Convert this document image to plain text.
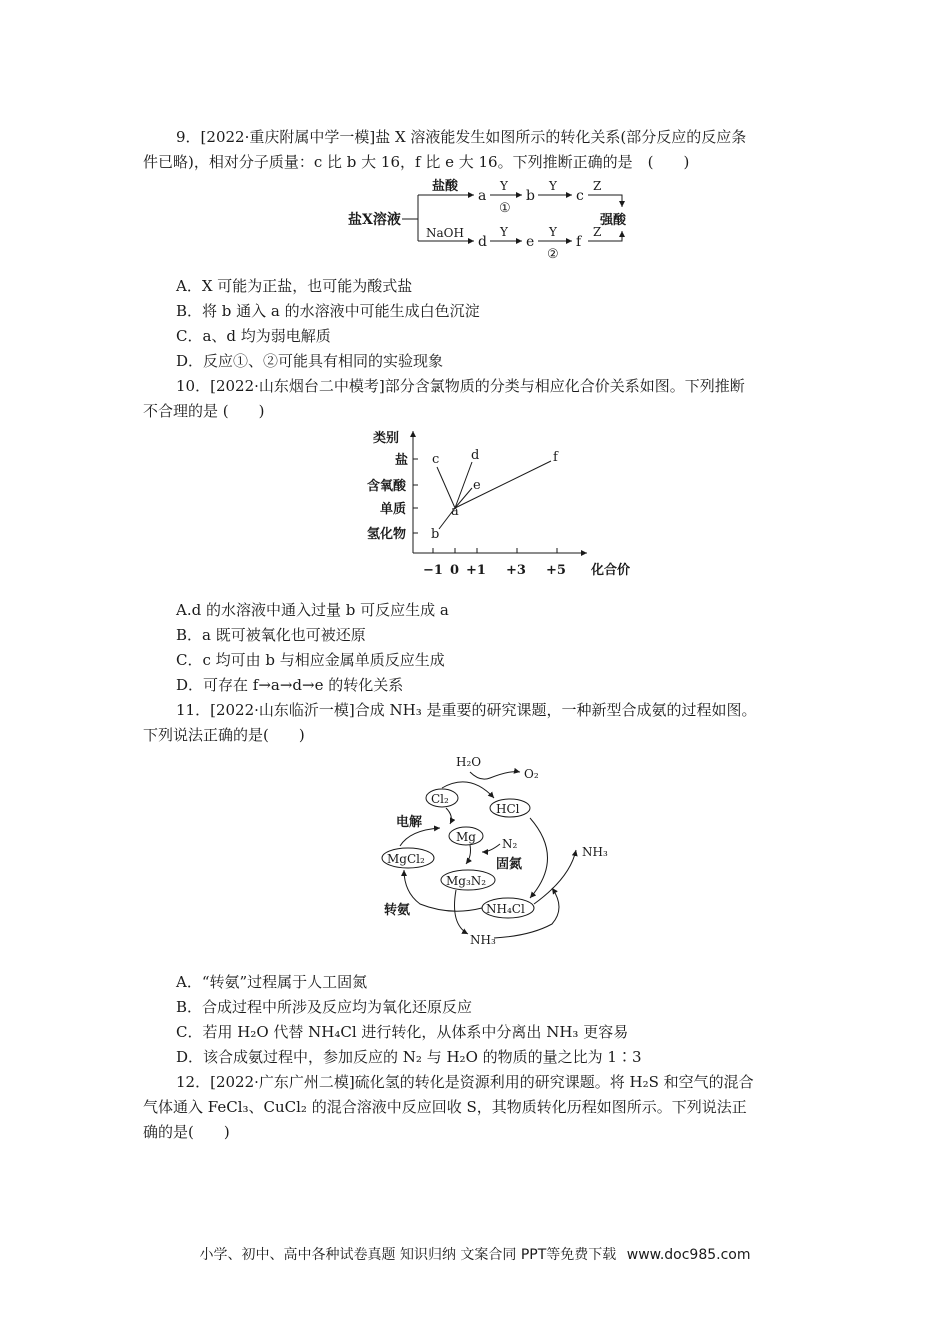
9．[2022·重庆附属中学一模]盐 X 溶液能发生如图所示的转化关系(部分反应的反应条
件已略)，相对分子质量：c 比 b 大 16，f 比 e 大 16。下列推断正确的是　(　　)
盐X溶液
盐酸
a
Y
①
b
Y
c
Z
强酸
NaOH
d
Y
e
Y
②
f
Z
A．X 可能为正盐，也可能为酸式盐
B．将 b 通入 a 的水溶液中可能生成白色沉淀
C．a、d 均为弱电解质
D．反应①、②可能具有相同的实验现象
10．[2022·山东烟台二中模考]部分含氯物质的分类与相应化合价关系如图。下列推断
不合理的是 (　　)
类别
化合价
盐
含氧酸
单质
氢化物
−1 0 +1 +3 +5
a
b
c d
e
f
A.d 的水溶液中通入过量 b 可反应生成 a
B．a 既可被氧化也可被还原
C．c 均可由 b 与相应金属单质反应生成
D．可存在 f→a→d→e 的转化关系
11．[2022·山东临沂一模]合成 NH₃ 是重要的研究课题，一种新型合成氨的过程如图。
下列说法正确的是(　　)
H₂O
O₂
Cl₂
HCl
电解
Mg N₂
固氮
MgCl₂
Mg₃N₂
NH₄Cl
NH₃
转氨
NH₃
A．“转氨”过程属于人工固氮
B．合成过程中所涉及反应均为氧化还原反应
C．若用 H₂O 代替 NH₄Cl 进行转化，从体系中分离出 NH₃ 更容易
D．该合成氨过程中，参加反应的 N₂ 与 H₂O 的物质的量之比为 1∶3
12．[2022·广东广州二模]硫化氢的转化是资源利用的研究课题。将 H₂S 和空气的混合
气体通入 FeCl₃、CuCl₂ 的混合溶液中反应回收 S，其物质转化历程如图所示。下列说法正
确的是(　　)
小学、初中、高中各种试卷真题 知识归纳 文案合同 PPT等免费下载 www.doc985.com
